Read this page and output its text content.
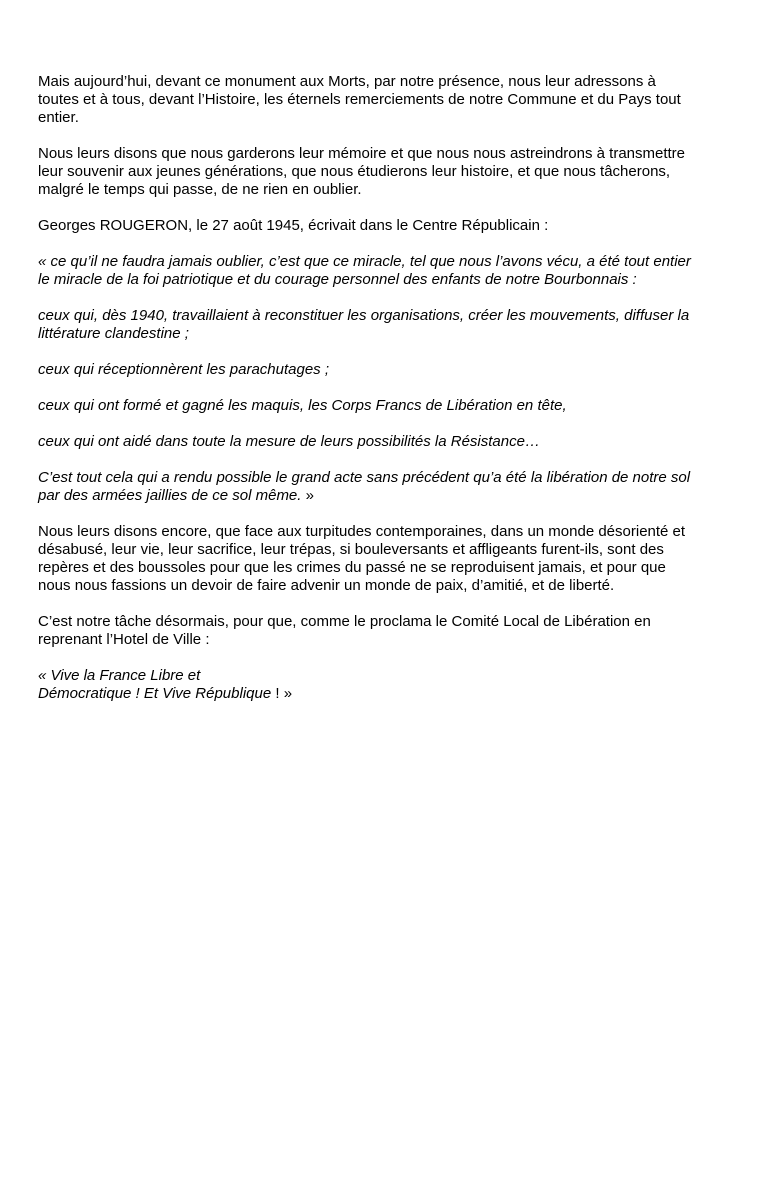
Mais aujourd’hui, devant ce monument aux Morts, par notre présence, nous leur adressons à
toutes et à tous, devant l’Histoire, les éternels remerciements de notre Commune et du Pays tout
entier.

Nous leurs disons que nous garderons leur mémoire et que nous nous astreindrons à transmettre
leur souvenir aux jeunes générations, que nous étudierons leur histoire, et que nous tâcherons,
malgré le temps qui passe, de ne rien en oublier.

Georges ROUGERON, le 27 août 1945, écrivait dans le Centre Républicain :

« ce qu’il ne faudra jamais oublier, c’est que ce miracle, tel que nous l’avons vécu, a été tout entier
le miracle de la foi patriotique et du courage personnel des enfants de notre Bourbonnais :

ceux qui, dès 1940, travaillaient à reconstituer les organisations, créer les mouvements, diffuser la
littérature clandestine ;

ceux qui réceptionnèrent les parachutages ;

ceux qui ont formé et gagné les maquis, les Corps Francs de Libération en tête,

ceux qui ont aidé dans toute la mesure de leurs possibilités la Résistance…

C’est tout cela qui a rendu possible le grand acte sans précédent qu’a été la libération de notre sol
par des armées jaillies de ce sol même. »

Nous leurs disons encore, que face aux turpitudes contemporaines, dans un monde désorienté et
désabusé, leur vie, leur sacrifice, leur trépas, si bouleversants et affligeants furent-ils, sont des
repères et des boussoles pour que les crimes du passé ne se reproduisent jamais, et pour que
nous nous fassions un devoir de faire advenir un monde de paix, d’amitié, et de liberté.

C’est notre tâche désormais, pour que, comme le proclama le Comité Local de Libération en
reprenant l’Hotel de Ville :

« Vive la France Libre et
Démocratique ! Et Vive République ! »
